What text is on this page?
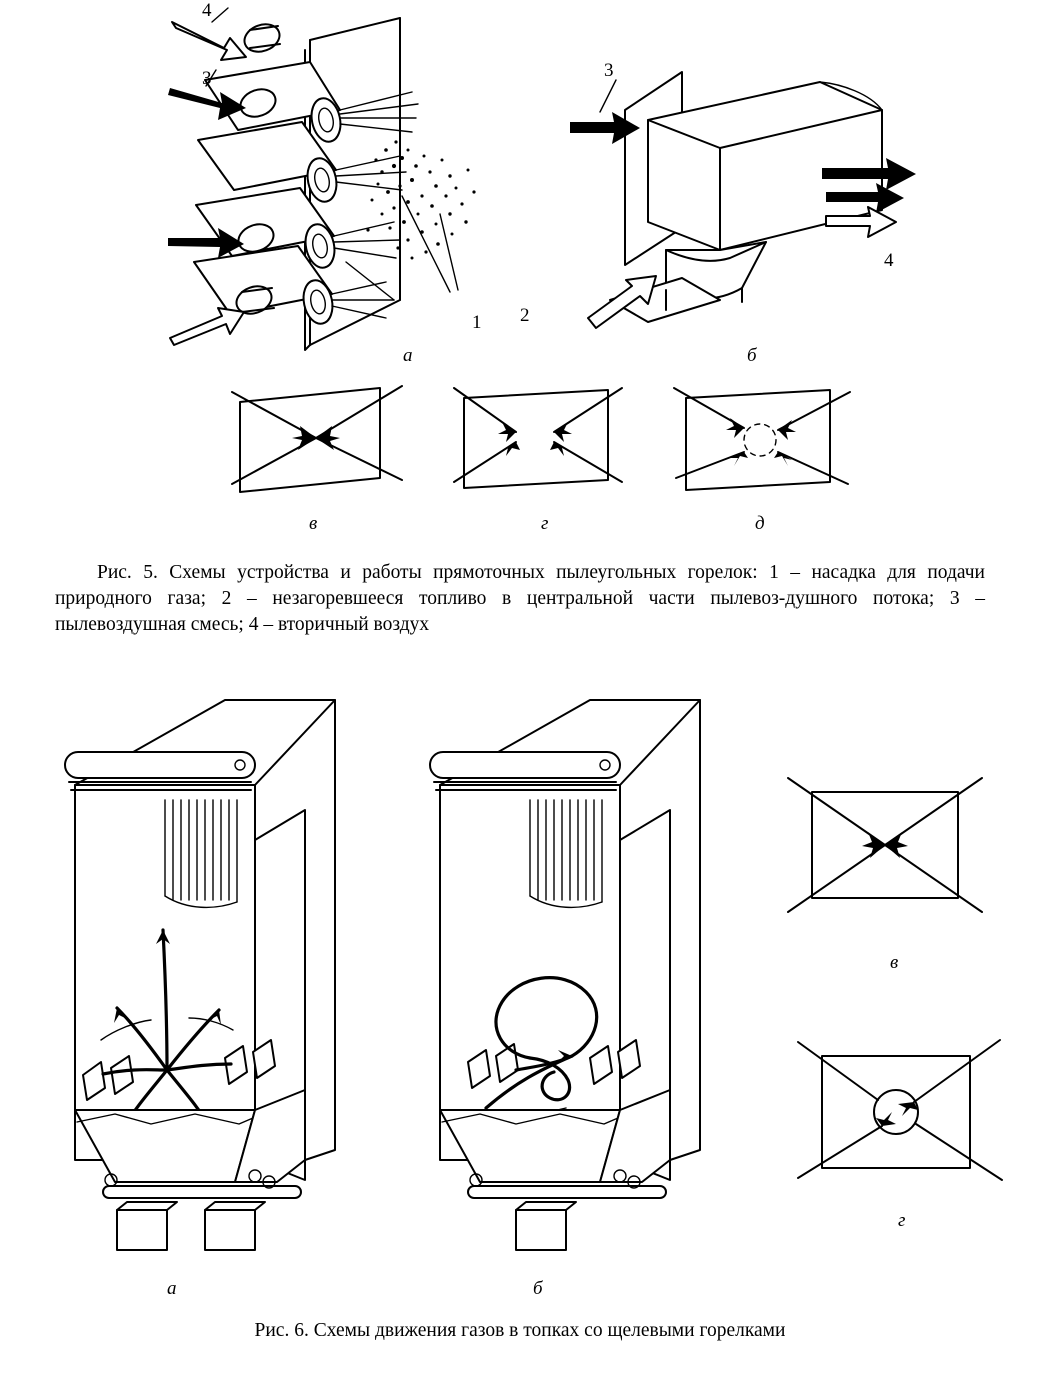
4
3
1 2
а
3
4
б
в	г	д
Рис. 5. Схемы устройства и работы прямоточных пылеугольных горелок: 1 – насадка для подачи природного газа; 2 – незагоревшееся топливо в центральной части пылевоз-душного потока; 3 – пылевоздушная смесь; 4 – вторичный воздух
а	б
в
г
Рис. 6. Схемы движения газов в топках со щелевыми горелками
